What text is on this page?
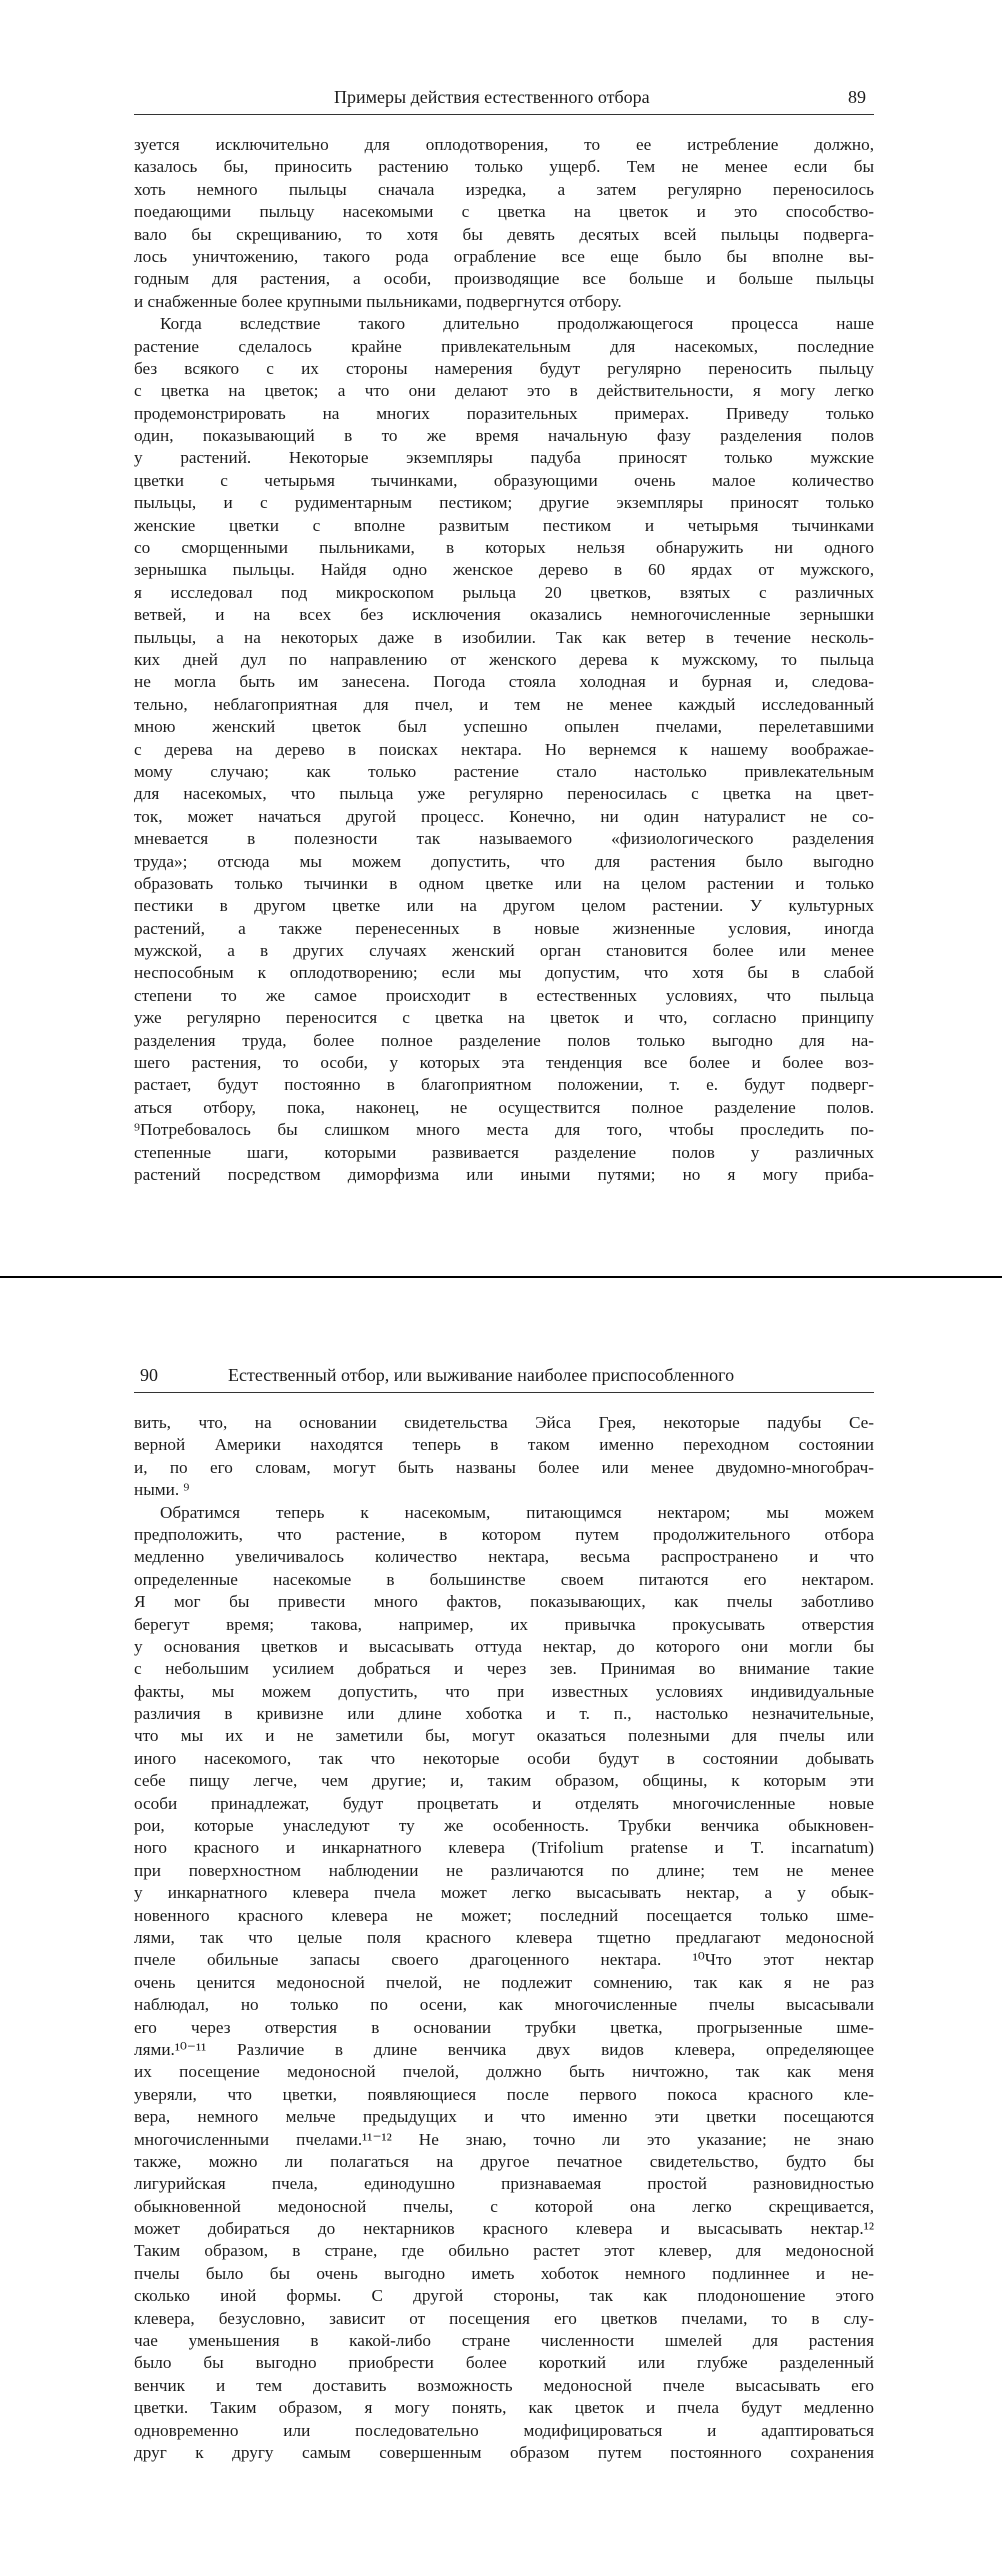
Примеры действия естественного отбора	89
зуется исключительно для оплодотворения, то ее истребление должно,
казалось бы, приносить растению только ущерб. Тем не менее если бы
хоть немного пыльцы сначала изредка, а затем регулярно переносилось
поедающими пыльцу насекомыми с цветка на цветок и это способство-
вало бы скрещиванию, то хотя бы девять десятых всей пыльцы подверга-
лось уничтожению, такого рода ограбление все еще было бы вполне вы-
годным для растения, а особи, производящие все больше и больше пыльцы
и снабженные более крупными пыльниками, подвергнутся отбору.
Когда вследствие такого длительно продолжающегося процесса наше
растение сделалось крайне привлекательным для насекомых, последние
без всякого с их стороны намерения будут регулярно переносить пыльцу
с цветка на цветок; а что они делают это в действительности, я могу легко
продемонстрировать на многих поразительных примерах. Приведу только
один, показывающий в то же время начальную фазу разделения полов
у растений. Некоторые экземпляры падуба приносят только мужские
цветки с четырьмя тычинками, образующими очень малое количество
пыльцы, и с рудиментарным пестиком; другие экземпляры приносят только
женские цветки с вполне развитым пестиком и четырьмя тычинками
со сморщенными пыльниками, в которых нельзя обнаружить ни одного
зернышка пыльцы. Найдя одно женское дерево в 60 ярдах от мужского,
я исследовал под микроскопом рыльца 20 цветков, взятых с различных
ветвей, и на всех без исключения оказались немногочисленные зернышки
пыльцы, а на некоторых даже в изобилии. Так как ветер в течение несколь-
ких дней дул по направлению от женского дерева к мужскому, то пыльца
не могла быть им занесена. Погода стояла холодная и бурная и, следова-
тельно, неблагоприятная для пчел, и тем не менее каждый исследованный
мною женский цветок был успешно опылен пчелами, перелетавшими
с дерева на дерево в поисках нектара. Но вернемся к нашему воображае-
мому случаю; как только растение стало настолько привлекательным
для насекомых, что пыльца уже регулярно переносилась с цветка на цвет-
ток, может начаться другой процесс. Конечно, ни один натуралист не со-
мневается в полезности так называемого «физиологического разделения
труда»; отсюда мы можем допустить, что для растения было выгодно
образовать только тычинки в одном цветке или на целом растении и только
пестики в другом цветке или на другом целом растении. У культурных
растений, а также перенесенных в новые жизненные условия, иногда
мужской, а в других случаях женский орган становится более или менее
неспособным к оплодотворению; если мы допустим, что хотя бы в слабой
степени то же самое происходит в естественных условиях, что пыльца
уже регулярно переносится с цветка на цветок и что, согласно принципу
разделения труда, более полное разделение полов только выгодно для на-
шего растения, то особи, у которых эта тенденция все более и более воз-
растает, будут постоянно в благоприятном положении, т. е. будут подверг-
аться отбору, пока, наконец, не осуществится полное разделение полов.
⁹Потребовалось бы слишком много места для того, чтобы проследить по-
степенные шаги, которыми развивается разделение полов у различных
растений посредством диморфизма или иными путями; но я могу приба-
90	Естественный отбор, или выживание наиболее приспособленного
вить, что, на основании свидетельства Эйса Грея, некоторые падубы Се-
верной Америки находятся теперь в таком именно переходном состоянии
и, по его словам, могут быть названы более или менее двудомно-многобрач-
ными. ⁹
Обратимся теперь к насекомым, питающимся нектаром; мы можем
предположить, что растение, в котором путем продолжительного отбора
медленно увеличивалось количество нектара, весьма распространено и что
определенные насекомые в большинстве своем питаются его нектаром.
Я мог бы привести много фактов, показывающих, как пчелы заботливо
берегут время; такова, например, их привычка прокусывать отверстия
у основания цветков и высасывать оттуда нектар, до которого они могли бы
с небольшим усилием добраться и через зев. Принимая во внимание такие
факты, мы можем допустить, что при известных условиях индивидуальные
различия в кривизне или длине хоботка и т. п., настолько незначительные,
что мы их и не заметили бы, могут оказаться полезными для пчелы или
иного насекомого, так что некоторые особи будут в состоянии добывать
себе пищу легче, чем другие; и, таким образом, общины, к которым эти
особи принадлежат, будут процветать и отделять многочисленные новые
рои, которые унаследуют ту же особенность. Трубки венчика обыкновен-
ного красного и инкарнатного клевера (Trifolium pratense и T. incarnatum)
при поверхностном наблюдении не различаются по длине; тем не менее
у инкарнатного клевера пчела может легко высасывать нектар, а у обык-
новенного красного клевера не может; последний посещается только шме-
лями, так что целые поля красного клевера тщетно предлагают медоносной
пчеле обильные запасы своего драгоценного нектара. ¹⁰Что этот нектар
очень ценится медоносной пчелой, не подлежит сомнению, так как я не раз
наблюдал, но только по осени, как многочисленные пчелы высасывали
его через отверстия в основании трубки цветка, прогрызенные шме-
лями.¹⁰⁻¹¹ Различие в длине венчика двух видов клевера, определяющее
их посещение медоносной пчелой, должно быть ничтожно, так как меня
уверяли, что цветки, появляющиеся после первого покоса красного кле-
вера, немного мельче предыдущих и что именно эти цветки посещаются
многочисленными пчелами.¹¹⁻¹² Не знаю, точно ли это указание; не знаю
также, можно ли полагаться на другое печатное свидетельство, будто бы
лигурийская пчела, единодушно признаваемая простой разновидностью
обыкновенной медоносной пчелы, с которой она легко скрещивается,
может добираться до нектарников красного клевера и высасывать нектар.¹²
Таким образом, в стране, где обильно растет этот клевер, для медоносной
пчелы было бы очень выгодно иметь хоботок немного подлиннее и не-
сколько иной формы. С другой стороны, так как плодоношение этого
клевера, безусловно, зависит от посещения его цветков пчелами, то в слу-
чае уменьшения в какой-либо стране численности шмелей для растения
было бы выгодно приобрести более короткий или глубже разделенный
венчик и тем доставить возможность медоносной пчеле высасывать его
цветки. Таким образом, я могу понять, как цветок и пчела будут медленно
одновременно или последовательно модифицироваться и адаптироваться
друг к другу самым совершенным образом путем постоянного сохранения
